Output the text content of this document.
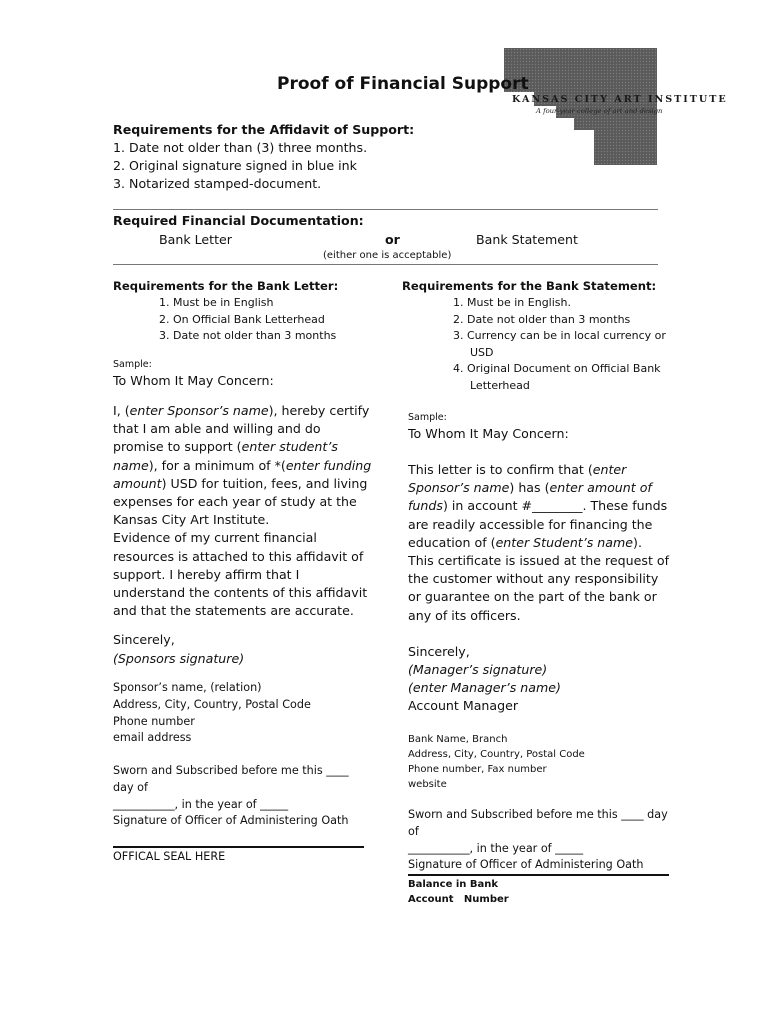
KANSAS CITY ART INSTITUTE
A four-year college of art and design
Proof of Financial Support
Requirements for the Affidavit of Support:
1. Date not older than (3) three months.
2. Original signature signed in blue ink
3. Notarized stamped-document.
Required Financial Documentation:
Bank Letter	or	Bank Statement
(either one is acceptable)
Requirements for the Bank Letter:
1. Must be in English
2. On Official Bank Letterhead
3. Date not older than 3 months
Sample:
To Whom It May Concern:
I, (enter Sponsor’s name), hereby certify that I am able and willing and do promise to support (enter student’s name), for a minimum of *(enter funding amount) USD for tuition, fees, and living expenses for each year of study at the Kansas City Art Institute.
Evidence of my current financial resources is attached to this affidavit of support. I hereby affirm that I understand the contents of this affidavit and that the statements are accurate.
Sincerely,
(Sponsors signature)
Sponsor’s name, (relation)
Address, City, Country, Postal Code
Phone number
email address
Sworn and Subscribed before me this ____
day of
___________, in the year of _____
Signature of Officer of Administering Oath
OFFICAL SEAL HERE
Requirements for the Bank Statement:
1. Must be in English.
2. Date not older than 3 months
3. Currency can be in local currency or
USD
4. Original Document on Official Bank
Letterhead
Sample:
To Whom It May Concern:
This letter is to confirm that (enter Sponsor’s name) has (enter amount of funds) in account #________. These funds are readily accessible for financing the education of (enter Student’s name).
This certificate is issued at the request of the customer without any responsibility or guarantee on the part of the bank or any of its officers.
Sincerely,
(Manager’s signature)
(enter Manager’s name)
Account Manager
Bank Name, Branch
Address, City, Country, Postal Code
Phone number, Fax number
website
Sworn and Subscribed before me this ____ day
of
___________, in the year of _____
Signature of Officer of Administering Oath
Balance in Bank
Account   Number
